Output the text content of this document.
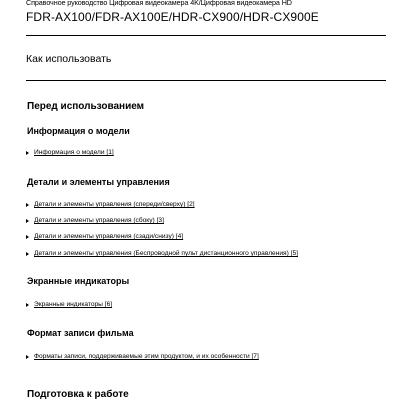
Справочное руководство Цифровая видеокамера 4K/Цифровая видеокамера HD
FDR-AX100/FDR-AX100E/HDR-CX900/HDR-CX900E
Как использовать
Перед использованием
Информация о модели
Информация о модели [1]
Детали и элементы управления
Детали и элементы управления (спереди/сверху) [2]
Детали и элементы управления (сбоку) [3]
Детали и элементы управления (сзади/снизу) [4]
Детали и элементы управления (Беспроводной пульт дистанционного управления) [5]
Экранные индикаторы
Экранные индикаторы [6]
Формат записи фильма
Форматы записи, поддерживаемые этим продуктом, и их особенности [7]
Подготовка к работе
